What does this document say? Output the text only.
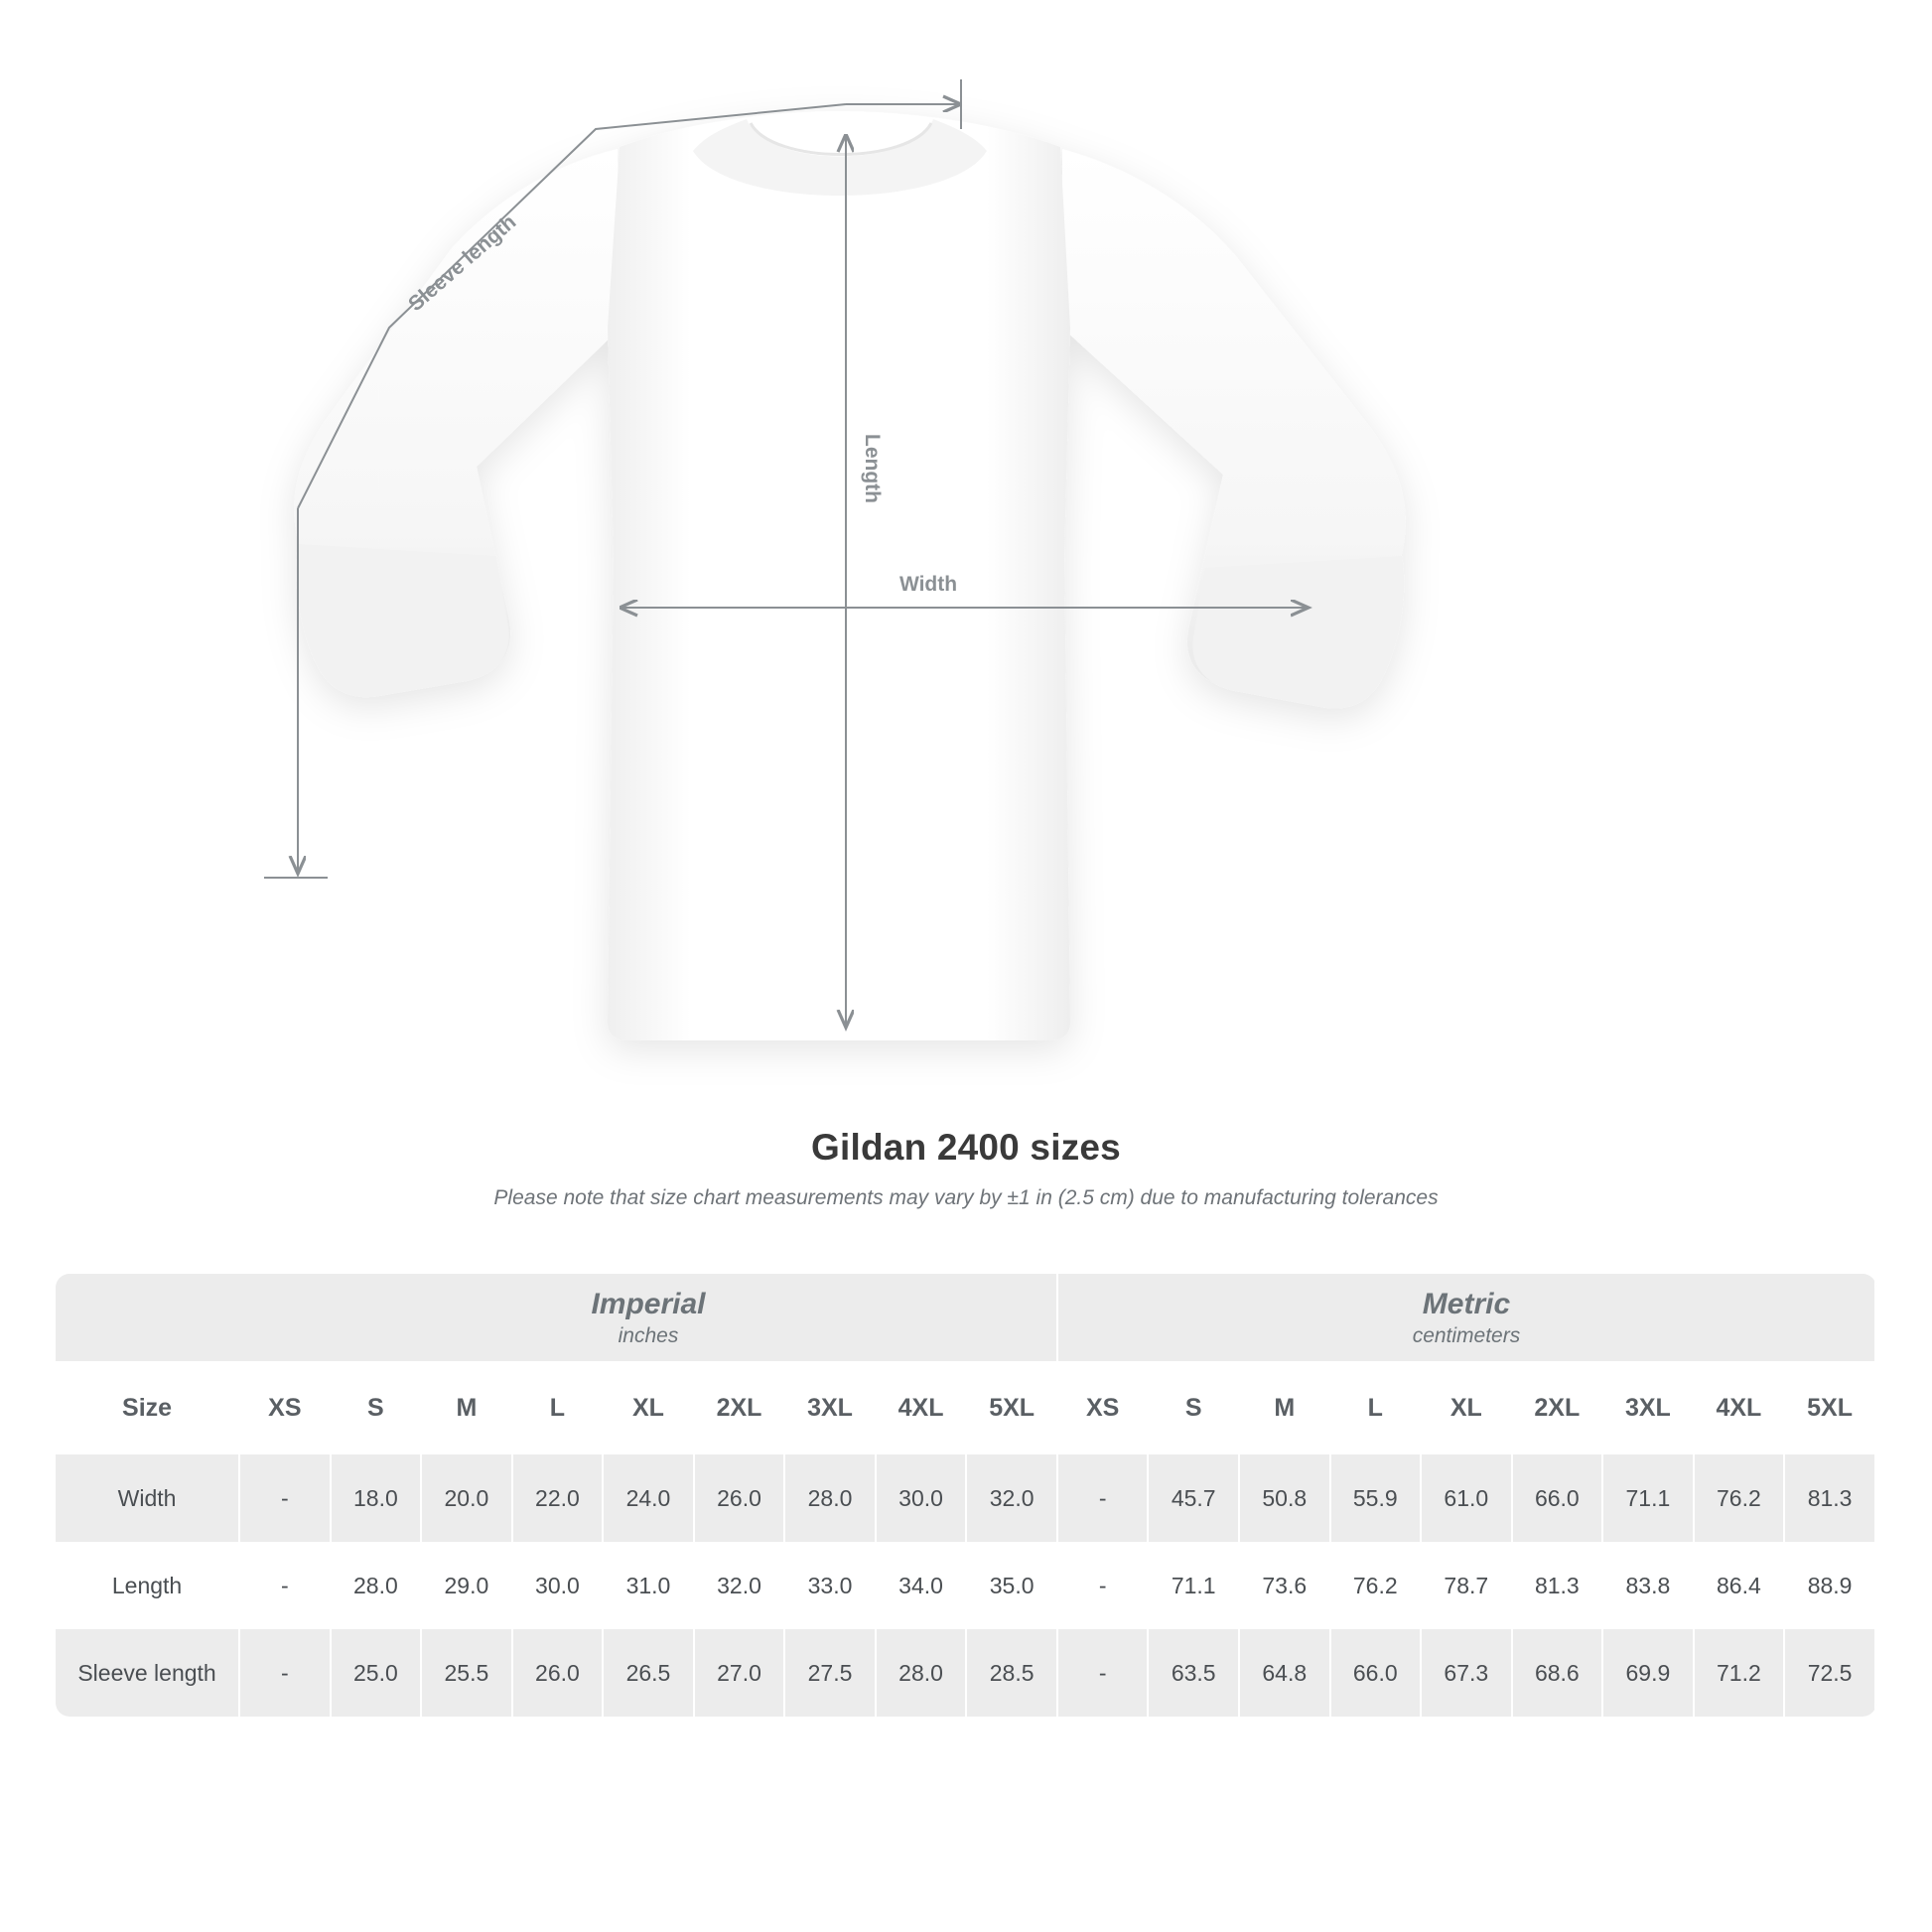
Sleeve length
Length
Width
Gildan 2400 sizes

Please note that size chart measurements may vary by ±1 in (2.5 cm) due to manufacturing tolerances

	Imperial
inches									Metric
centimeters								

Size	XS	S	M	L	XL	2XL	3XL	4XL	5XL	XS	S	M	L	XL	2XL	3XL	4XL	5XL
Width	-	18.0	20.0	22.0	24.0	26.0	28.0	30.0	32.0	-	45.7	50.8	55.9	61.0	66.0	71.1	76.2	81.3
Length	-	28.0	29.0	30.0	31.0	32.0	33.0	34.0	35.0	-	71.1	73.6	76.2	78.7	81.3	83.8	86.4	88.9
Sleeve length	-	25.0	25.5	26.0	26.5	27.0	27.5	28.0	28.5	-	63.5	64.8	66.0	67.3	68.6	69.9	71.2	72.5
